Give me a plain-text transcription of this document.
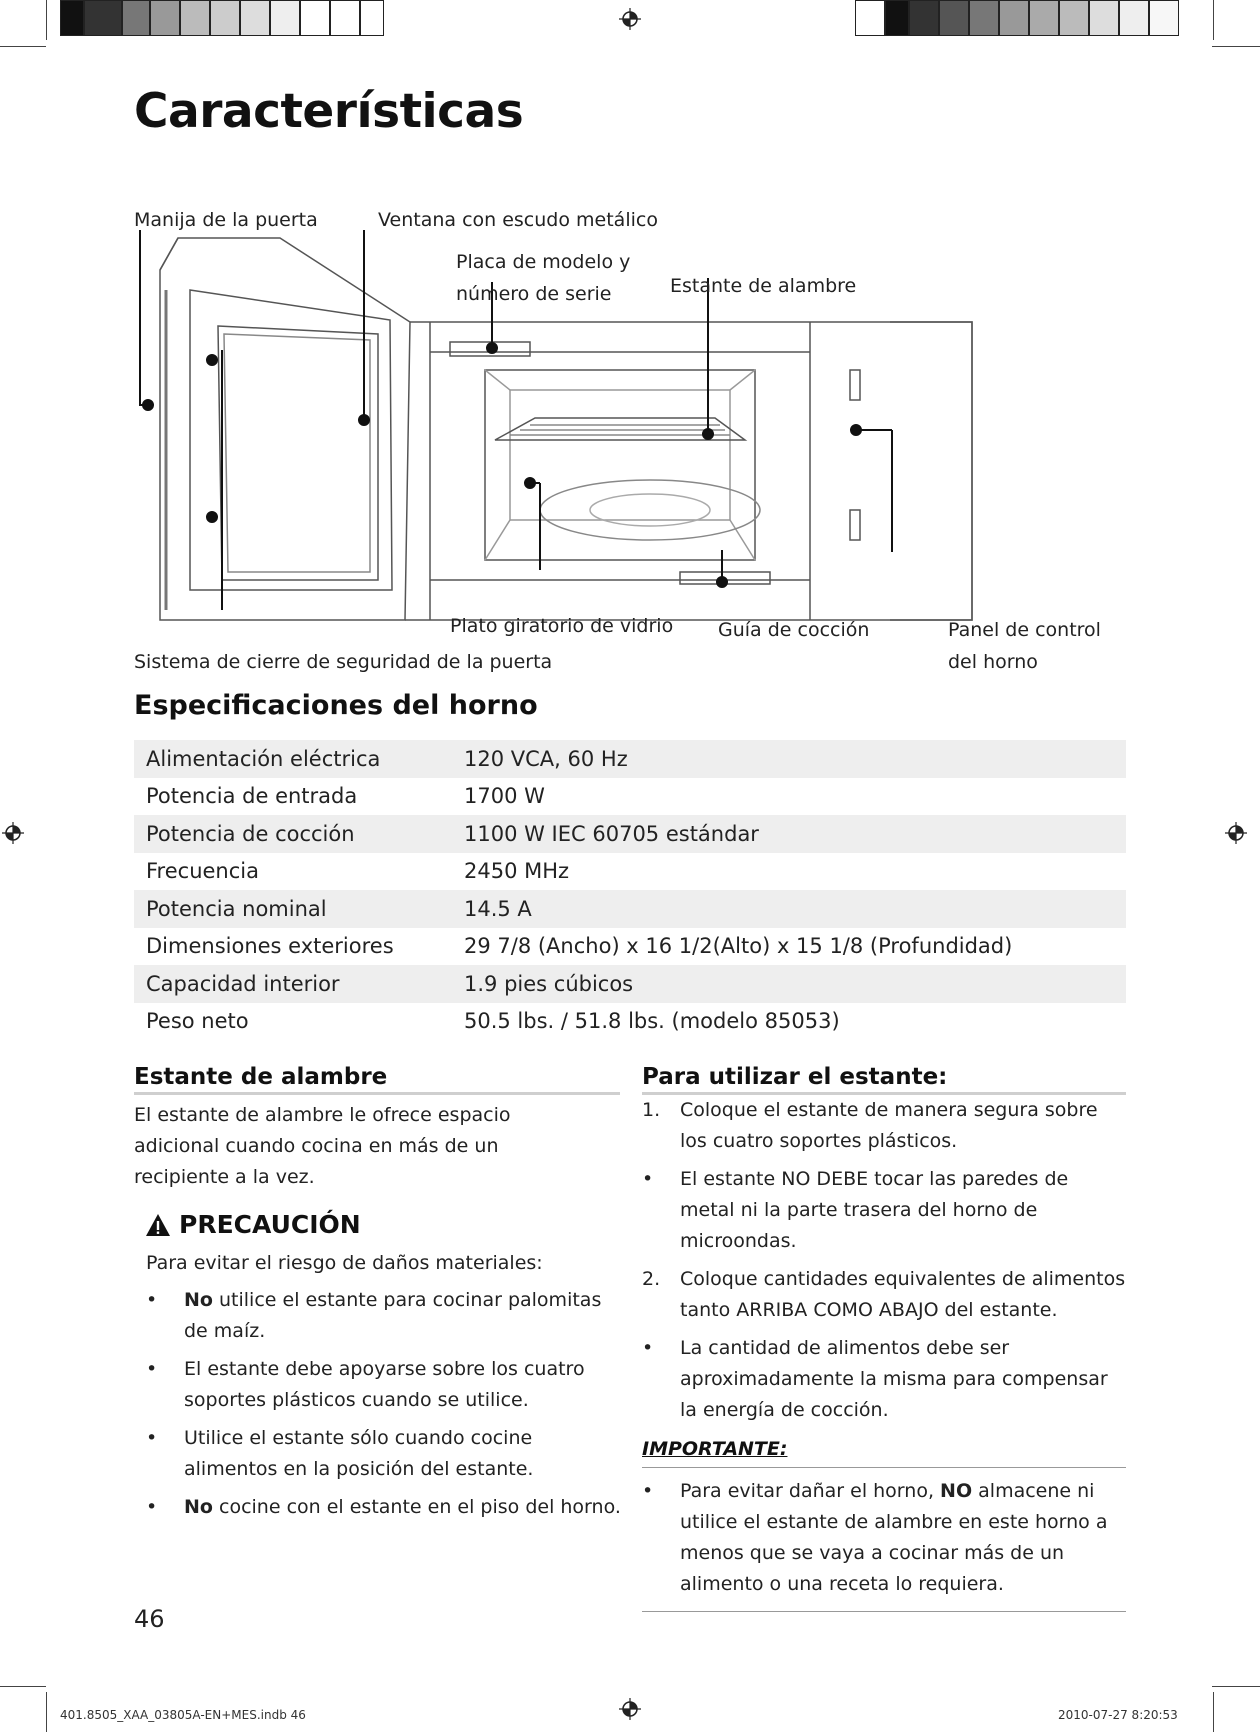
Características
Manija de la puerta	Ventana con escudo metálico
Placa de modelo y
número de serie	Estante de alambre
Plato giratorio de vidrio Guía de cocción	Panel de control
del horno
Sistema de cierre de seguridad de la puerta
Especificaciones del horno
Alimentación eléctrica	120 VCA, 60 Hz
Potencia de entrada	1700 W
Potencia de cocción	1100 W IEC 60705 estándar
Frecuencia	2450 MHz
Potencia nominal	14.5 A
Dimensiones exteriores	29 7/8 (Ancho) x 16 1/2(Alto) x 15 1/8 (Profundidad)
Capacidad interior	1.9 pies cúbicos
Peso neto	50.5 lbs. / 51.8 lbs. (modelo 85053)
Estante de alambre
El estante de alambre le ofrece espacio adicional cuando cocina en más de un recipiente a la vez.
PRECAUCIÓN
Para evitar el riesgo de daños materiales:
•	No utilice el estante para cocinar palomitas de maíz.
•	El estante debe apoyarse sobre los cuatro soportes plásticos cuando se utilice.
•	Utilice el estante sólo cuando cocine alimentos en la posición del estante.
•	No cocine con el estante en el piso del horno.
Para utilizar el estante:
1.	Coloque el estante de manera segura sobre los cuatro soportes plásticos.
•	El estante NO DEBE tocar las paredes de metal ni la parte trasera del horno de microondas.
2.	Coloque cantidades equivalentes de alimentos tanto ARRIBA COMO ABAJO del estante.
•	La cantidad de alimentos debe ser aproximadamente la misma para compensar la energía de cocción.
IMPORTANTE:
•	Para evitar dañar el horno, NO almacene ni utilice el estante de alambre en este horno a menos que se vaya a cocinar más de un alimento o una receta lo requiera.
46
401.8505_XAA_03805A-EN+MES.indb 46	2010-07-27 8:20:53
